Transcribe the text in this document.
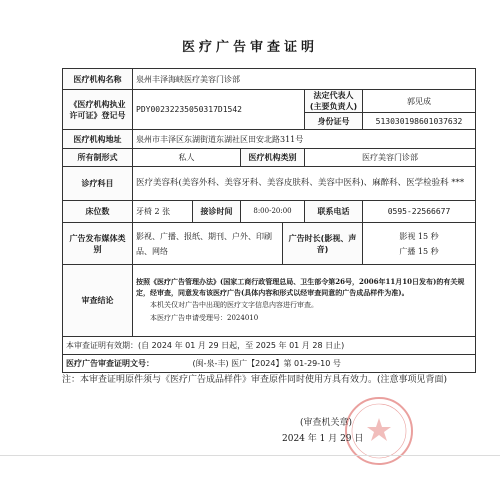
医疗广告审查证明
医疗机构名称	泉州丰泽海峡医疗美容门诊部					
《医疗机构执业许可证》登记号	PDY00232235050317D1542				法定代表人(主要负责人)	郭见成
					身份证号	513030198601037632
医疗机构地址	泉州市丰泽区东湖街道东湖社区田安北路311号					
所有制形式	私人		医疗机构类别		医疗美容门诊部	
诊疗科目	医疗美容科(美容外科、美容牙科、美容皮肤科、美容中医科)、麻醉科、医学检验科 ***					
床位数	牙椅 2 张	接诊时间	8:00-20:00		联系电话	0595-22566677
广告发布媒体类别	影视、广播、报纸、期刊、户外、印刷品、网络			广告时长(影视、声音)		影视 15 秒
广播 15 秒

审查结论	按照《医疗广告管理办法》(国家工商行政管理总局、卫生部令第26号，2006年11月10日发布)的有关规定，经审查，同意发布该医疗广告(具体内容和形式以经审查同意的广告成品样件为准)。

本机关仅对广告中出现的医疗文字信息内容进行审查。

本医疗广告申请受理号：2024010					

本审查证明有效期：(自 2024 年 01 月 29 日起，至 2025 年 01 月 28 日止)						
医疗广告审查证明文号： (闽-泉-丰) 医广【2024】第 01-29-10 号						
注：本审查证明原件须与《医疗广告成品样件》审查原件同时使用方具有效力。(注意事项见背面)
(审查机关章)
2024 年 1 月 29 日
